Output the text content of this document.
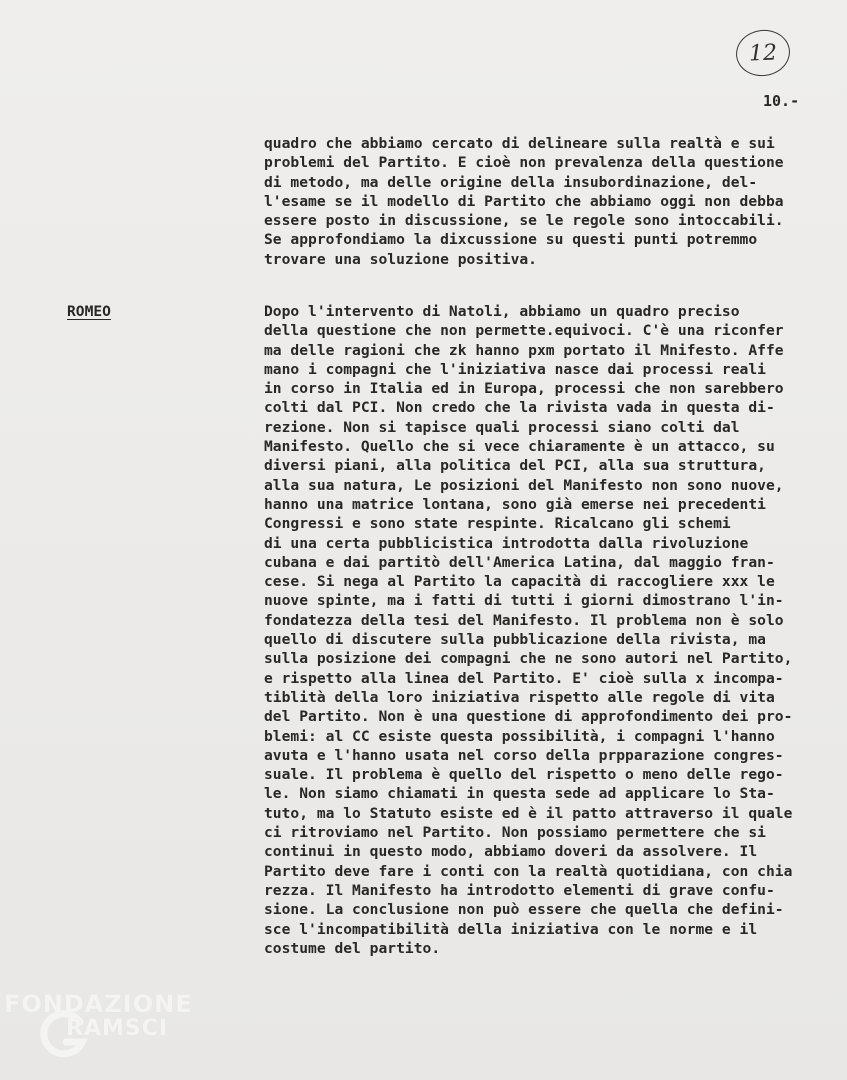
12
10.-
quadro che abbiamo cercato di delineare sulla realtà e sui
problemi del Partito. E cioè non prevalenza della questione
di metodo, ma delle origine della insubordinazione, del-
l'esame se il modello di Partito che abbiamo oggi non debba
essere posto in discussione, se le regole sono intoccabili.
Se approfondiamo la dixcussione su questi punti potremmo
trovare una soluzione positiva.
ROMEO	Dopo l'intervento di Natoli, abbiamo un quadro preciso
della questione che non permette.equivoci. C'è una riconfer
ma delle ragioni che zk hanno pxm portato il Mnifesto. Affe
mano i compagni che l'iniziativa nasce dai processi reali
in corso in Italia ed in Europa, processi che non sarebbero
colti dal PCI. Non credo che la rivista vada in questa di-
rezione. Non si tapisce quali processi siano colti dal
Manifesto. Quello che si vece chiaramente è un attacco, su
diversi piani, alla politica del PCI, alla sua struttura,
alla sua natura, Le posizioni del Manifesto non sono nuove,
hanno una matrice lontana, sono già emerse nei precedenti
Congressi e sono state respinte. Ricalcano gli schemi
di una certa pubblicistica introdotta dalla rivoluzione
cubana e dai partitò dell'America Latina, dal maggio fran-
cese. Si nega al Partito la capacità di raccogliere xxx le
nuove spinte, ma i fatti di tutti i giorni dimostrano l'in-
fondatezza della tesi del Manifesto. Il problema non è solo
quello di discutere sulla pubblicazione della rivista, ma
sulla posizione dei compagni che ne sono autori nel Partito,
e rispetto alla linea del Partito. E' cioè sulla x incompa-
tiblità della loro iniziativa rispetto alle regole di vita
del Partito. Non è una questione di approfondimento dei pro-
blemi: al CC esiste questa possibilità, i compagni l'hanno
avuta e l'hanno usata nel corso della prpparazione congres-
suale. Il problema è quello del rispetto o meno delle rego-
le. Non siamo chiamati in questa sede ad applicare lo Sta-
tuto, ma lo Statuto esiste ed è il patto attraverso il quale
ci ritroviamo nel Partito. Non possiamo permettere che si
continui in questo modo, abbiamo doveri da assolvere. Il
Partito deve fare i conti con la realtà quotidiana, con chia
rezza. Il Manifesto ha introdotto elementi di grave confu-
sione. La conclusione non può essere che quella che defini-
sce l'incompatibilità della iniziativa con le norme e il
costume del partito.
FONDAZIONE
RAMSCI
